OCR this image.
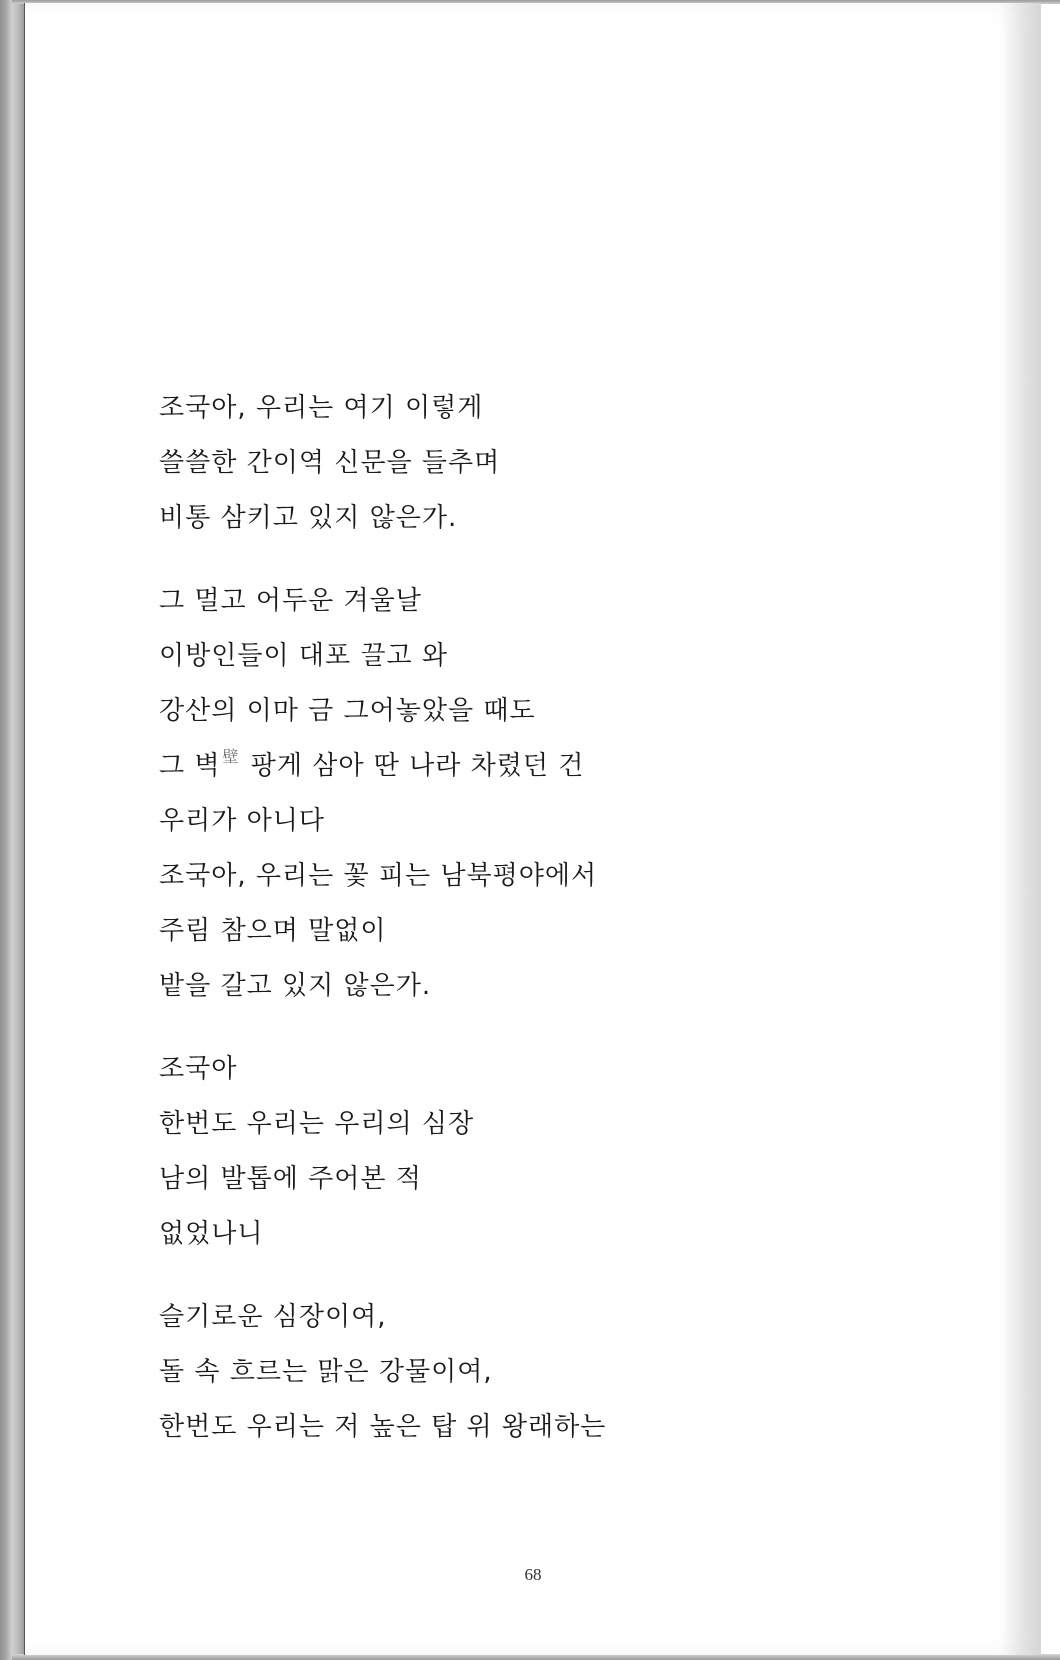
조국아, 우리는 여기 이렇게
쓸쓸한 간이역 신문을 들추며
비통 삼키고 있지 않은가.
그 멀고 어두운 겨울날
이방인들이 대포 끌고 와
강산의 이마 금 그어놓았을 때도
그 벽 $^壁$ 팡게 삼아 딴 나라 차렸던 건
우리가 아니다
조국아, 우리는 꽃 피는 남북평야에서
주림 참으며 말없이
밭을 갈고 있지 않은가.
조국아
한번도 우리는 우리의 심장
남의 발톱에 주어본 적
없었나니
슬기로운 심장이여,
돌 속 흐르는 맑은 강물이여,
한번도 우리는 저 높은 탑 위 왕래하는
68
